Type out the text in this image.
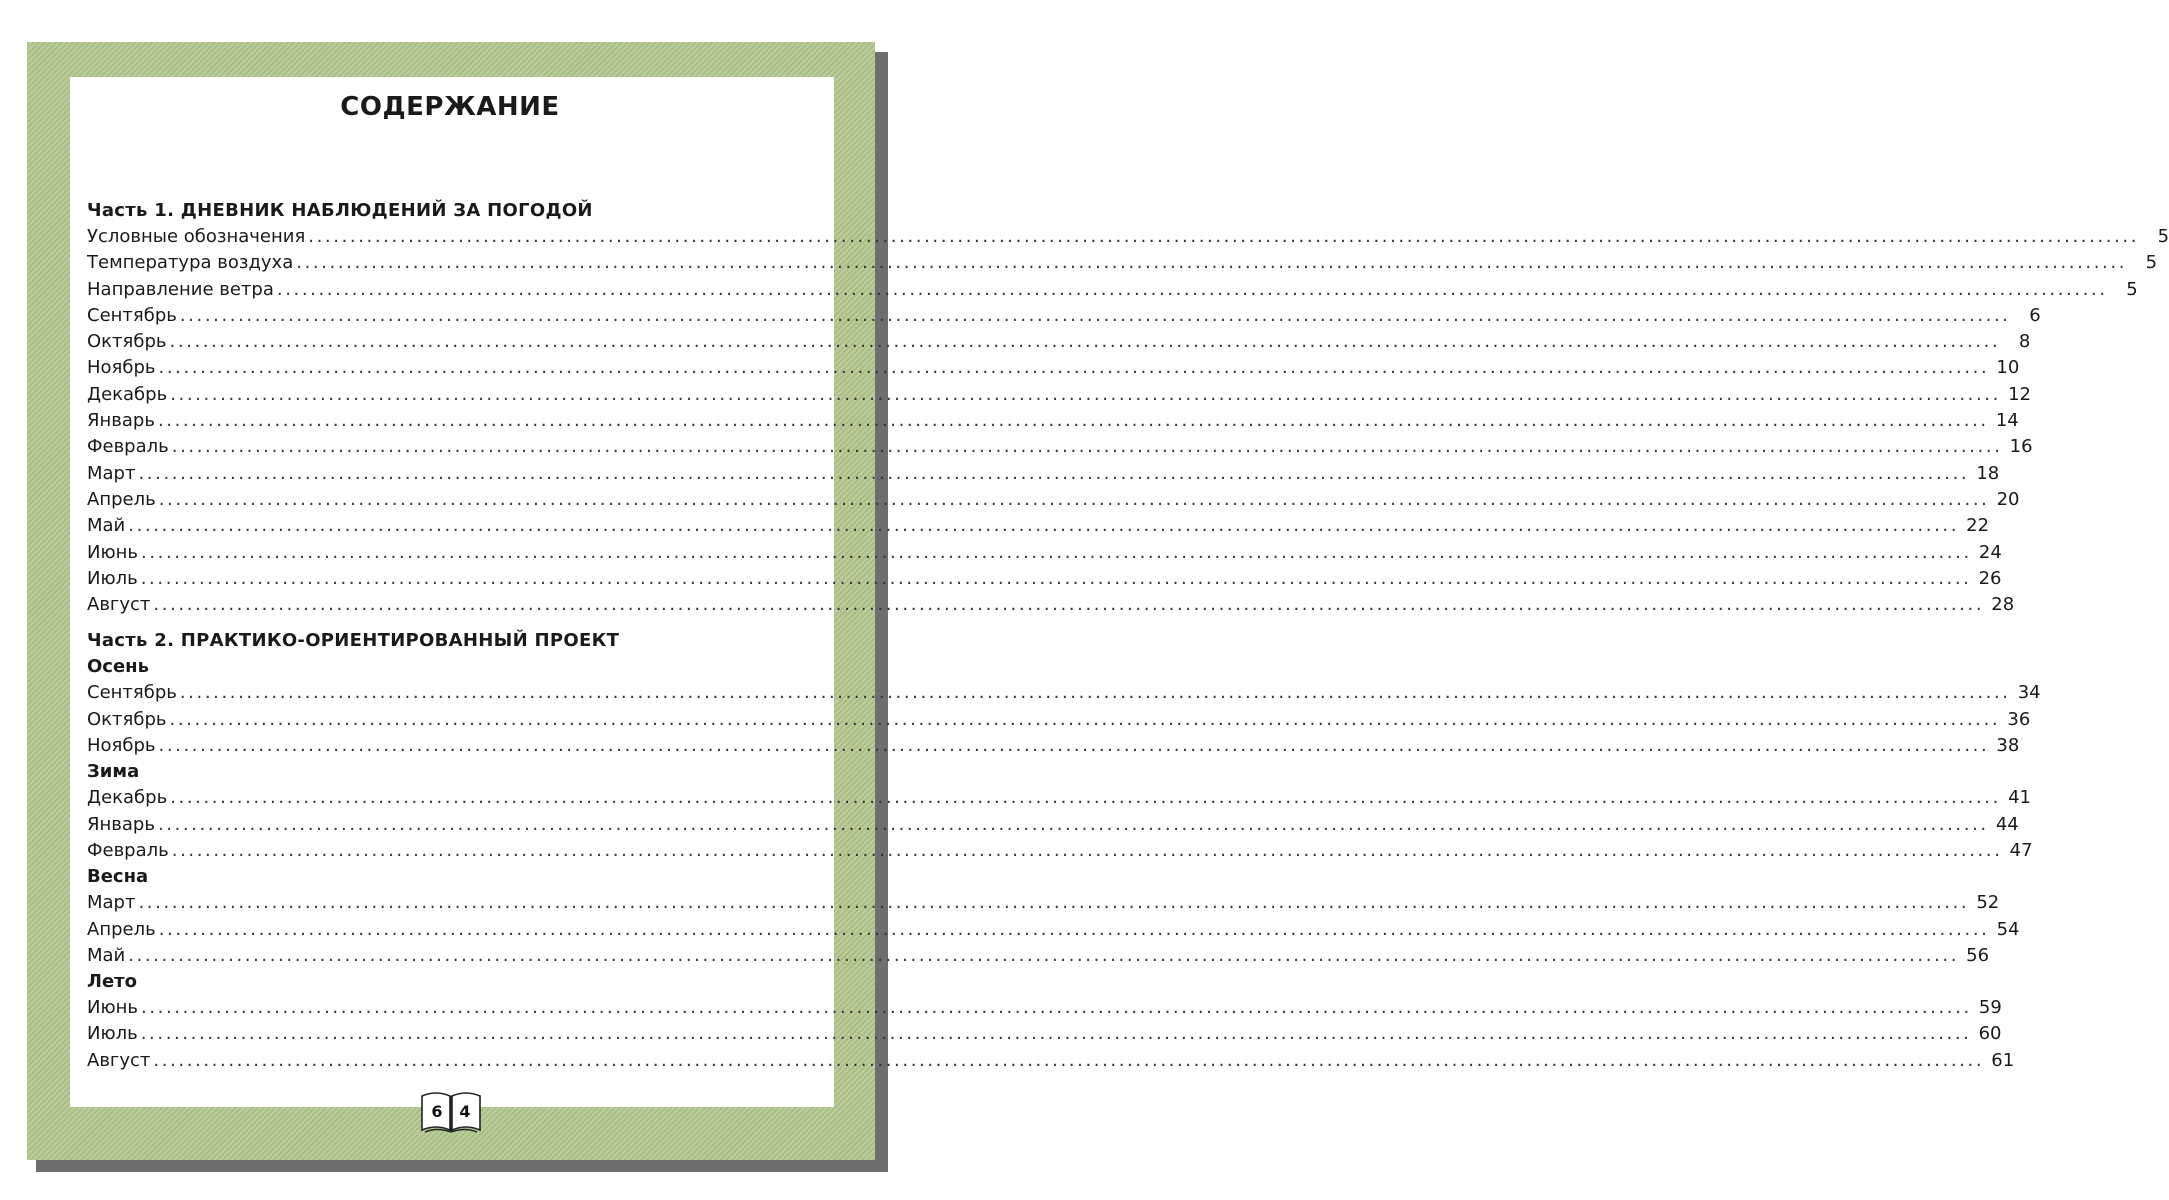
СОДЕРЖАНИЕ
Часть 1. ДНЕВНИК НАБЛЮДЕНИЙ ЗА ПОГОДОЙ
Условные обозначения ............................................................................................................................................................................................................................	5
Температура воздуха ............................................................................................................................................................................................................................	5
Направление ветра ............................................................................................................................................................................................................................	5
Сентябрь ............................................................................................................................................................................................................................	6
Октябрь ............................................................................................................................................................................................................................	8
Ноябрь ............................................................................................................................................................................................................................ 10
Декабрь ............................................................................................................................................................................................................................ 12
Январь ............................................................................................................................................................................................................................ 14
Февраль ............................................................................................................................................................................................................................ 16
Март ............................................................................................................................................................................................................................ 18
Апрель ............................................................................................................................................................................................................................ 20
Май ............................................................................................................................................................................................................................ 22
Июнь ............................................................................................................................................................................................................................ 24
Июль ............................................................................................................................................................................................................................ 26
Август ............................................................................................................................................................................................................................ 28
Часть 2. ПРАКТИКО-ОРИЕНТИРОВАННЫЙ ПРОЕКТ
Осень
Сентябрь ............................................................................................................................................................................................................................ 34
Октябрь ............................................................................................................................................................................................................................ 36
Ноябрь ............................................................................................................................................................................................................................ 38
Зима
Декабрь ............................................................................................................................................................................................................................ 41
Январь ............................................................................................................................................................................................................................ 44
Февраль ............................................................................................................................................................................................................................ 47
Весна
Март ............................................................................................................................................................................................................................ 52
Апрель ............................................................................................................................................................................................................................ 54
Май ............................................................................................................................................................................................................................ 56
Лето
Июнь ............................................................................................................................................................................................................................ 59
Июль ............................................................................................................................................................................................................................ 60
Август ............................................................................................................................................................................................................................ 61
6 4
